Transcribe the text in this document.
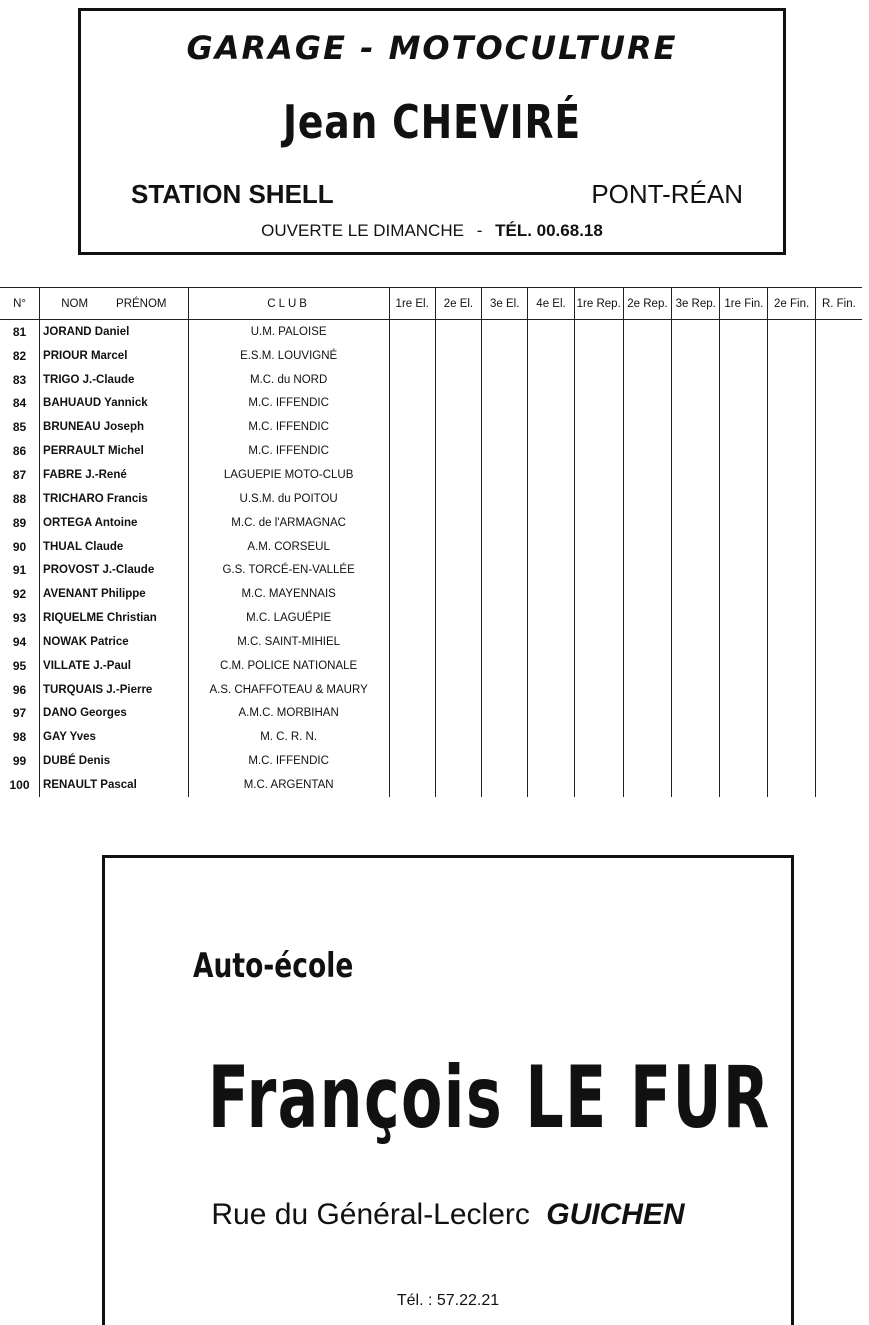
GARAGE - MOTOCULTURE
Jean CHEVIRÉ
STATION SHELL	PONT-RÉAN
OUVERTE LE DIMANCHE - TÉL. 00.68.18
N°	NOM PRÉNOM	CLUB	1re El.	2e El.	3e El.	4e El.	1re Rep.	2e Rep.	3e Rep.	1re Fin.	2e Fin.	R. Fin.
81	JORAND Daniel	U.M. PALOISE										
82	PRIOUR Marcel	E.S.M. LOUVIGNÉ										
83	TRIGO J.-Claude	M.C. du NORD										
84	BAHUAUD Yannick	M.C. IFFENDIC										
85	BRUNEAU Joseph	M.C. IFFENDIC										
86	PERRAULT Michel	M.C. IFFENDIC										
87	FABRE J.-René	LAGUEPIE MOTO-CLUB										
88	TRICHARO Francis	U.S.M. du POITOU										
89	ORTEGA Antoine	M.C. de l'ARMAGNAC										
90	THUAL Claude	A.M. CORSEUL										
91	PROVOST J.-Claude	G.S. TORCÉ-EN-VALLÉE										
92	AVENANT Philippe	M.C. MAYENNAIS										
93	RIQUELME Christian	M.C. LAGUÉPIE										
94	NOWAK Patrice	M.C. SAINT-MIHIEL										
95	VILLATE J.-Paul	C.M. POLICE NATIONALE										
96	TURQUAIS J.-Pierre	A.S. CHAFFOTEAU & MAURY										
97	DANO Georges	A.M.C. MORBIHAN										
98	GAY Yves	M. C. R. N.										
99	DUBÉ Denis	M.C. IFFENDIC										
100	RENAULT Pascal	M.C. ARGENTAN										
Auto-école
François LE FUR
Rue du Général-Leclerc GUICHEN
Tél. : 57.22.21
